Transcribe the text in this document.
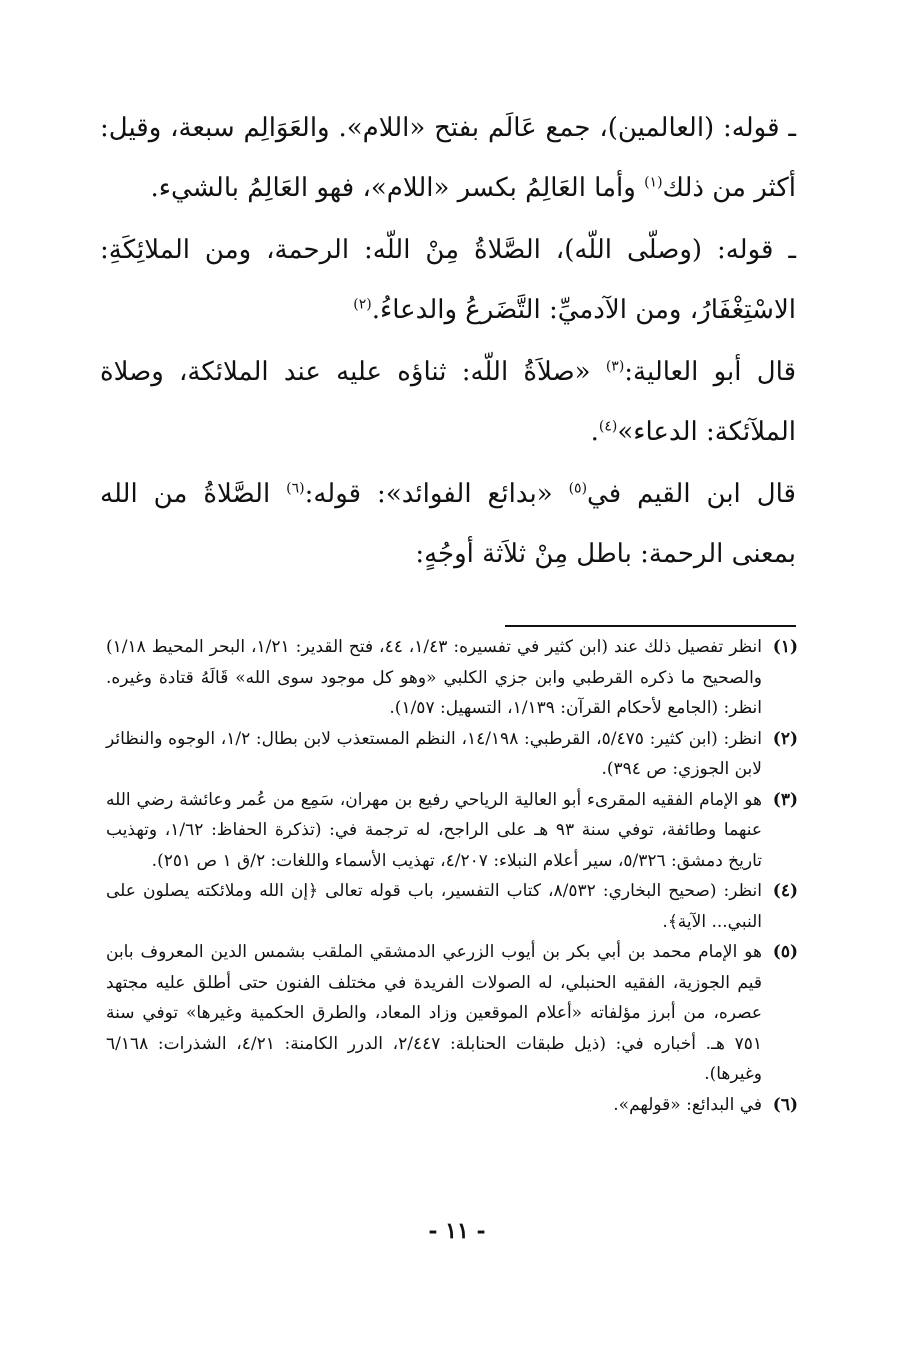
ـ قوله: (العالمين)، جمع عَالَم بفتح «اللام». والعَوَالِم سبعة، وقيل: أكثر من ذلك$^{(١)}$ وأما العَالِمُ بكسر «اللام»، فهو العَالِمُ بالشيء.

ـ قوله: (وصلّى اللّه)، الصَّلاةُ مِنْ اللّه: الرحمة، ومن الملائِكَةِ: الاسْتِغْفَارُ، ومن الآدميِّ: التَّضَرعُ والدعاءُ.$^{(٢)}$

قال أبو العالية:$^{(٣)}$ «صلاَةُ اللّه: ثناؤه عليه عند الملائكة، وصلاة الملآئكة: الدعاء»$^{(٤)}$.

قال ابن القيم في$^{(٥)}$ «بدائع الفوائد»: قوله:$^{(٦)}$ الصَّلاةُ من الله بمعنى الرحمة: باطل مِنْ ثلاَثة أوجُهٍ:

(١)
انظر تفصيل ذلك عند (ابن كثير في تفسيره: ١/٤٣، ٤٤، فتح القدير: ١/٢١، البحر المحيط ١/١٨) والصحيح ما ذكره القرطبي وابن جزي الكلبي «وهو كل موجود سوى الله» قَالَهُ قتادة وغيره. انظر: (الجامع لأحكام القرآن: ١/١٣٩، التسهيل: ١/٥٧).
(٢)
انظر: (ابن كثير: ٥/٤٧٥، القرطبي: ١٤/١٩٨، النظم المستعذب لابن بطال: ١/٢، الوجوه والنظائر لابن الجوزي: ص ٣٩٤).
(٣)
هو الإمام الفقيه المقرىء أبو العالية الرياحي رفيع بن مهران، سَمِع من عُمر وعائشة رضي الله عنهما وطائفة، توفي سنة ٩٣ هـ على الراجح، له ترجمة في: (تذكرة الحفاظ: ١/٦٢، وتهذيب تاريخ دمشق: ٥/٣٢٦، سير أعلام النبلاء: ٤/٢٠٧، تهذيب الأسماء واللغات: ٢/ق ١ ص ٢٥١).
(٤)
انظر: (صحيح البخاري: ٨/٥٣٢، كتاب التفسير، باب قوله تعالى ﴿إن الله وملائكته يصلون على النبي... الآية﴾.
(٥)
هو الإمام محمد بن أبي بكر بن أيوب الزرعي الدمشقي الملقب بشمس الدين المعروف بابن قيم الجوزية، الفقيه الحنبلي، له الصولات الفريدة في مختلف الفنون حتى أطلق عليه مجتهد عصره، من أبرز مؤلفاته «أعلام الموقعين وزاد المعاد، والطرق الحكمية وغيرها» توفي سنة ٧٥١ هـ. أخباره في: (ذيل طبقات الحنابلة: ٢/٤٤٧، الدرر الكامنة: ٤/٢١، الشذرات: ٦/١٦٨ وغيرها).
(٦)
في البدائع: «قولهم».
- ١١ -
